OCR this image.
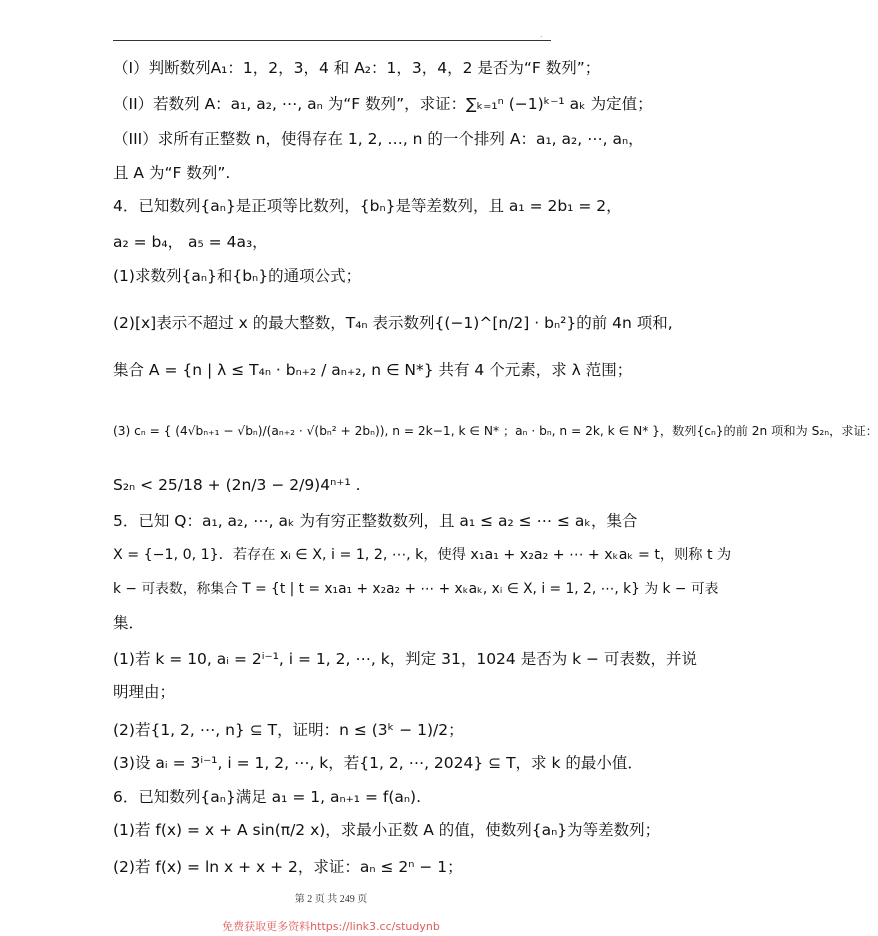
.
（I）判断数列A₁：1，2，3，4 和 A₂：1，3，4，2 是否为“F 数列”；
（II）若数列 A：a₁, a₂, ⋯, aₙ 为“F 数列”，求证：∑ₖ₌₁ⁿ (−1)ᵏ⁻¹ aₖ 为定值；
（III）求所有正整数 n，使得存在 1, 2, …, n 的一个排列 A：a₁, a₂, ⋯, aₙ，
且 A 为“F 数列”.
4．已知数列{aₙ}是正项等比数列，{bₙ}是等差数列，且 a₁ = 2b₁ = 2，
a₂ = b₄， a₅ = 4a₃，
(1)求数列{aₙ}和{bₙ}的通项公式；
(2)[x]表示不超过 x 的最大整数，T₄ₙ 表示数列{(−1)^[n/2] · bₙ²}的前 4n 项和,
集合 A = {n | λ ≤ T₄ₙ · bₙ₊₂ / aₙ₊₂, n ∈ N*} 共有 4 个元素，求 λ 范围；
(3) cₙ = { (4√bₙ₊₁ − √bₙ)/(aₙ₊₂ · √(bₙ² + 2bₙ)), n = 2k−1, k ∈ N* ；aₙ · bₙ, n = 2k, k ∈ N* }，数列{cₙ}的前 2n 项和为 S₂ₙ，求证：
S₂ₙ < 25/18 + (2n/3 − 2/9)4ⁿ⁺¹ .
5．已知 Q：a₁, a₂, ⋯, aₖ 为有穷正整数数列，且 a₁ ≤ a₂ ≤ ⋯ ≤ aₖ，集合
X = {−1, 0, 1}．若存在 xᵢ ∈ X, i = 1, 2, ⋯, k，使得 x₁a₁ + x₂a₂ + ⋯ + xₖaₖ = t，则称 t 为
k − 可表数，称集合 T = {t | t = x₁a₁ + x₂a₂ + ⋯ + xₖaₖ, xᵢ ∈ X, i = 1, 2, ⋯, k} 为 k − 可表
集．
(1)若 k = 10, aᵢ = 2ⁱ⁻¹, i = 1, 2, ⋯, k，判定 31，1024 是否为 k − 可表数，并说
明理由；
(2)若{1, 2, ⋯, n} ⊆ T，证明：n ≤ (3ᵏ − 1)/2；
(3)设 aᵢ = 3ⁱ⁻¹, i = 1, 2, ⋯, k，若{1, 2, ⋯, 2024} ⊆ T，求 k 的最小值．
6．已知数列{aₙ}满足 a₁ = 1, aₙ₊₁ = f(aₙ).
(1)若 f(x) = x + A sin(π/2 x)，求最小正数 A 的值，使数列{aₙ}为等差数列；
(2)若 f(x) = ln x + x + 2，求证：aₙ ≤ 2ⁿ − 1；
第 2 页 共 249 页
免费获取更多资料https://link3.cc/studynb
